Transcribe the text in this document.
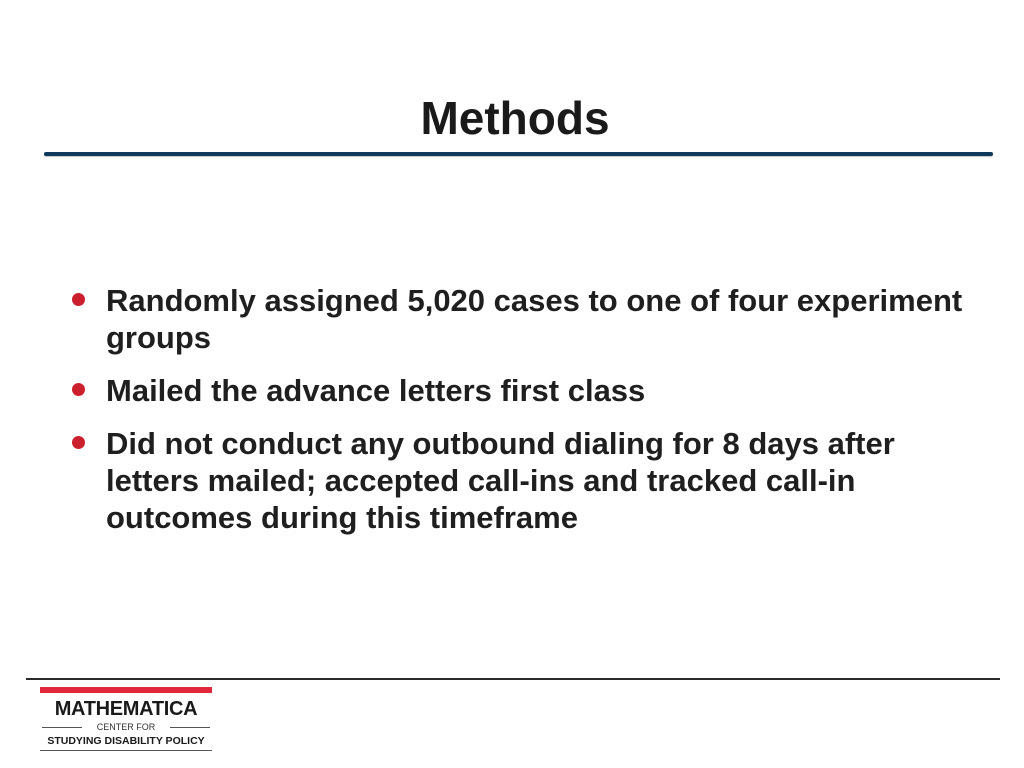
Methods
Randomly assigned 5,020 cases to one of four experiment groups
Mailed the advance letters first class
Did not conduct any outbound dialing for 8 days after letters mailed; accepted call-ins and tracked call-in outcomes during this timeframe
MATHEMATICA
CENTER FOR
STUDYING DISABILITY POLICY
